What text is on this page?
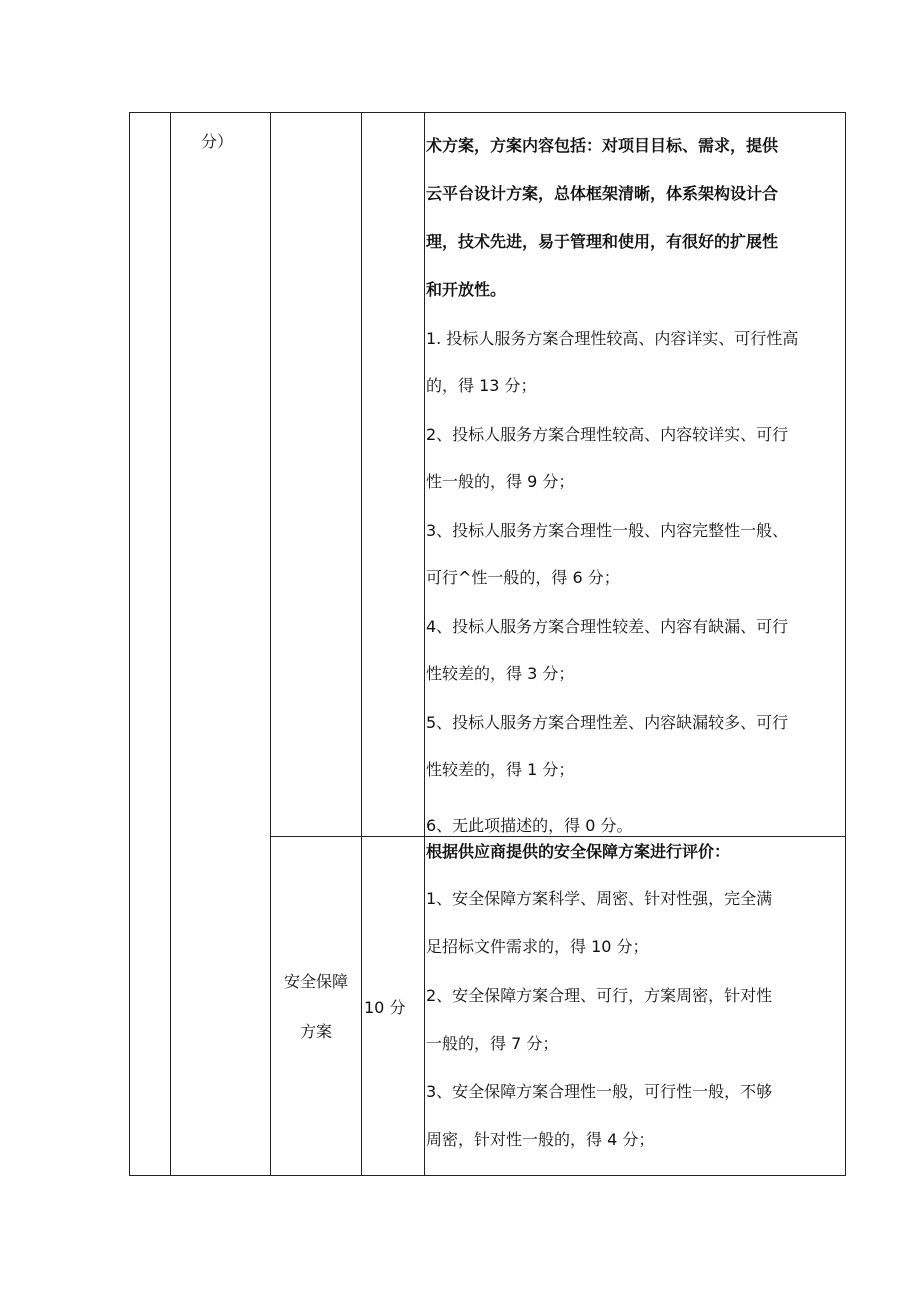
分）	术方案，方案内容包括：对项目目标、需求，提供
云平台设计方案，总体框架清晰，体系架构设计合
理，技术先进，易于管理和使用，有很好的扩展性
和开放性。
1. 投标人服务方案合理性较高、内容详实、可行性高
的，得 13 分；
2、投标人服务方案合理性较高、内容较详实、可行
性一般的，得 9 分；
3、投标人服务方案合理性一般、内容完整性一般、
可行^性一般的，得 6 分；
4、投标人服务方案合理性较差、内容有缺漏、可行
性较差的，得 3 分；
5、投标人服务方案合理性差、内容缺漏较多、可行
性较差的，得 1 分；
6、无此项描述的，得 0 分。
安全保障
方案
10 分
根据供应商提供的安全保障方案进行评价：
1、安全保障方案科学、周密、针对性强，完全满
足招标文件需求的，得 10 分；
2、安全保障方案合理、可行，方案周密，针对性
一般的，得 7 分；
3、安全保障方案合理性一般，可行性一般，不够
周密，针对性一般的，得 4 分；
